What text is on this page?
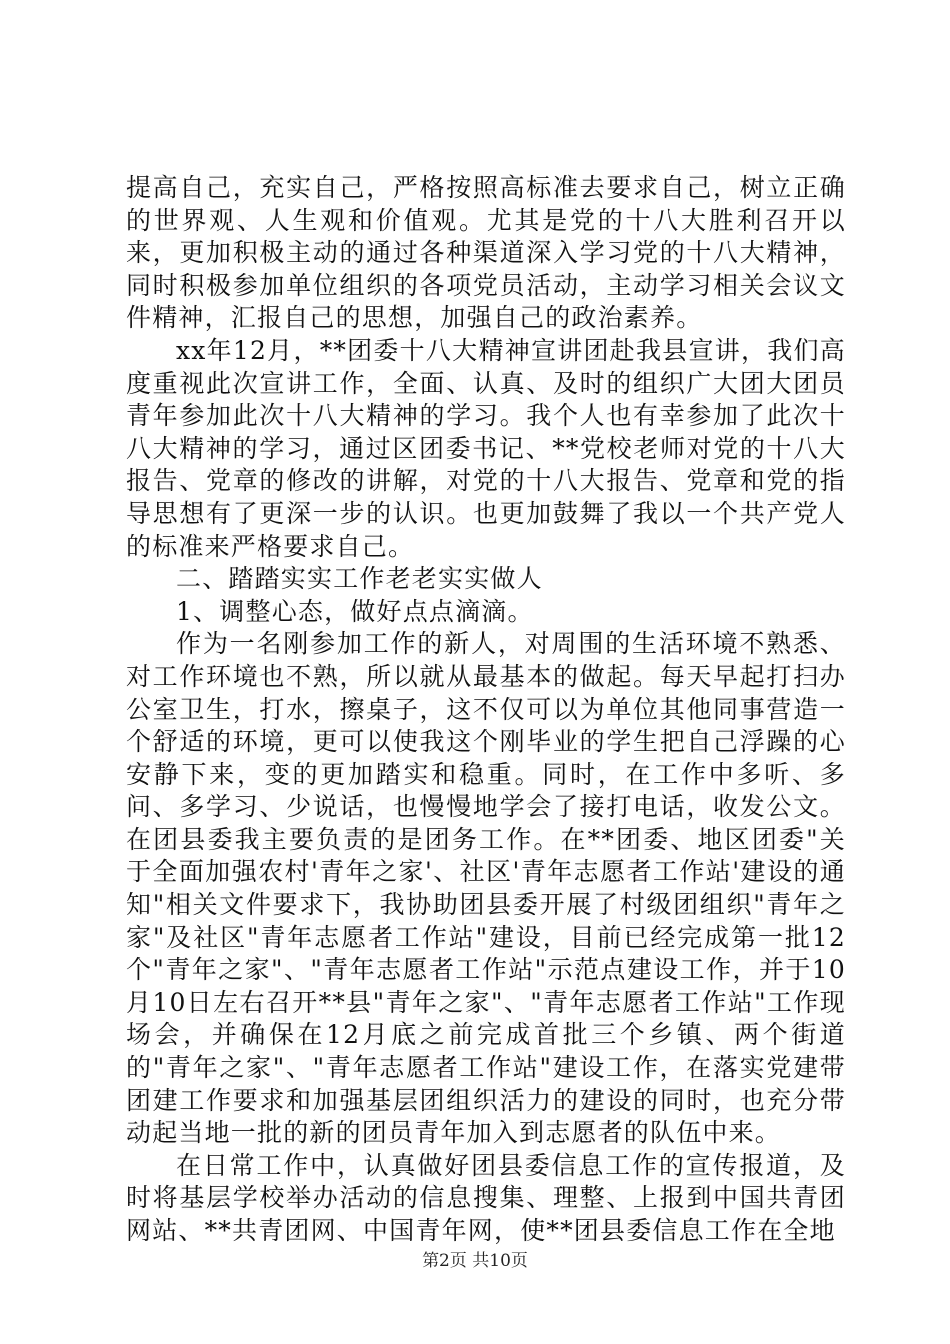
提高自己，充实自己，严格按照高标准去要求自己，树立正确的世界观、人生观和价值观。尤其是党的十八大胜利召开以来，更加积极主动的通过各种渠道深入学习党的十八大精神，同时积极参加单位组织的各项党员活动，主动学习相关会议文件精神，汇报自己的思想，加强自己的政治素养。

xx年12月，**团委十八大精神宣讲团赴我县宣讲，我们高度重视此次宣讲工作，全面、认真、及时的组织广大团大团员青年参加此次十八大精神的学习。我个人也有幸参加了此次十八大精神的学习，通过区团委书记、**党校老师对党的十八大报告、党章的修改的讲解，对党的十八大报告、党章和党的指导思想有了更深一步的认识。也更加鼓舞了我以一个共产党人的标准来严格要求自己。

二、踏踏实实工作老老实实做人

1、调整心态，做好点点滴滴。

作为一名刚参加工作的新人，对周围的生活环境不熟悉、对工作环境也不熟，所以就从最基本的做起。每天早起打扫办公室卫生，打水，擦桌子，这不仅可以为单位其他同事营造一个舒适的环境，更可以使我这个刚毕业的学生把自己浮躁的心安静下来，变的更加踏实和稳重。同时，在工作中多听、多问、多学习、少说话，也慢慢地学会了接打电话，收发公文。在团县委我主要负责的是团务工作。在**团委、地区团委"关于全面加强农村'青年之家'、社区'青年志愿者工作站'建设的通知"相关文件要求下，我协助团县委开展了村级团组织"青年之家"及社区"青年志愿者工作站"建设，目前已经完成第一批12个"青年之家"、"青年志愿者工作站"示范点建设工作，并于10月10日左右召开**县"青年之家"、"青年志愿者工作站"工作现场会，并确保在12月底之前完成首批三个乡镇、两个街道的"青年之家"、"青年志愿者工作站"建设工作，在落实党建带团建工作要求和加强基层团组织活力的建设的同时，也充分带动起当地一批的新的团员青年加入到志愿者的队伍中来。

在日常工作中，认真做好团县委信息工作的宣传报道，及时将基层学校举办活动的信息搜集、理整、上报到中国共青团网站、**共青团网、中国青年网，使**团县委信息工作在全地

第2页 共10页
